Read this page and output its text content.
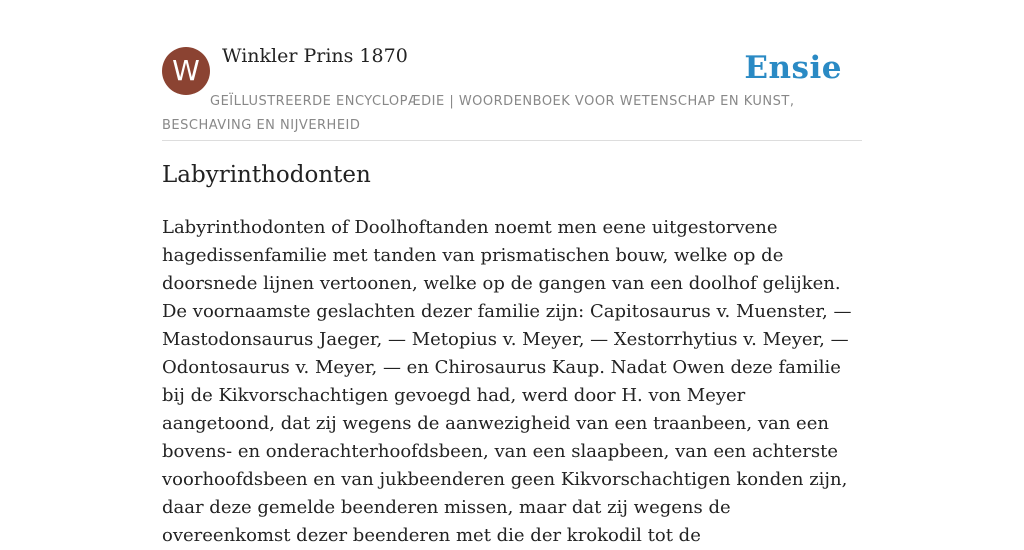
W	Winkler Prins 1870	Ensie
GEÏLLUSTREERDE ENCYCLOPÆDIE | WOORDENBOEK VOOR WETENSCHAP EN KUNST, BESCHAVING EN NIJVERHEID
Labyrinthodonten

Labyrinthodonten of Doolhoftanden noemt men eene uitgestorvene hagedissenfamilie met tanden van prismatischen bouw, welke op de doorsnede lijnen vertoonen, welke op de gangen van een doolhof gelijken. De voornaamste geslachten dezer familie zijn: Capitosaurus v. Muenster, — Mastodonsaurus Jaeger, — Metopius v. Meyer, — Xestorrhytius v. Meyer, —Odontosaurus v. Meyer, — en Chirosaurus Kaup. Nadat Owen deze familie bij de Kikvorschachtigen gevoegd had, werd door H. von Meyer aangetoond, dat zij wegens de aanwezigheid van een traanbeen, van een bovens- en onderachterhoofdsbeen, van een slaapbeen, van een achterste voorhoofdsbeen en van jukbeenderen geen Kikvorschachtigen konden zijn, daar deze gemelde beenderen missen, maar dat zij wegens de overeenkomst dezer beenderen met die der krokodil tot de
